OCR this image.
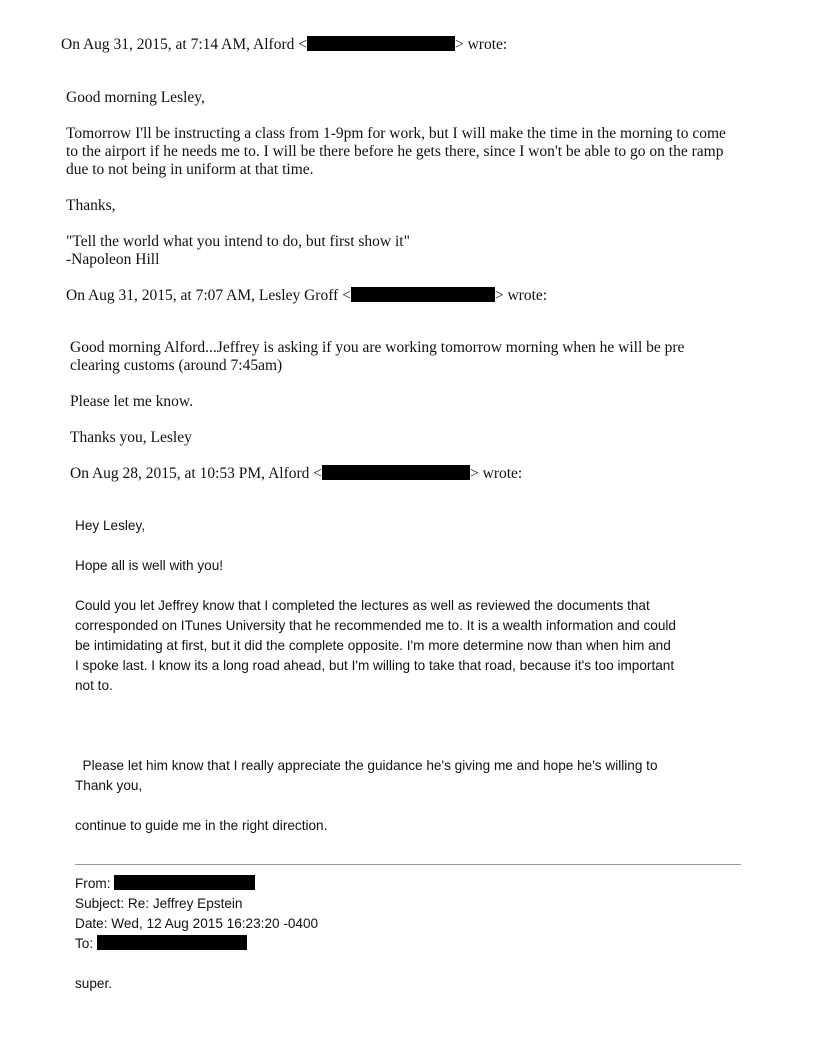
On Aug 31, 2015, at 7:14 AM, Alford <	> wrote:
Good morning Lesley,

Tomorrow I'll be instructing a class from 1-9pm for work, but I will make the time in the morning to come

to the airport if he needs me to. I will be there before he gets there, since I won't be able to go on the ramp

due to not being in uniform at that time.

Thanks,
"Tell the world what you intend to do, but first show it"
-Napoleon Hill
On Aug 31, 2015, at 7:07 AM, Lesley Groff <	> wrote:

Good morning Alford...Jeffrey is asking if you are working tomorrow morning when he will be pre

clearing customs (around 7:45am)

Please let me know.
Thanks you, Lesley
On Aug 28, 2015, at 10:53 PM, Alford <	> wrote:
Hey Lesley,
Hope all is well with you!

Could you let Jeffrey know that I completed the lectures as well as reviewed the documents that

corresponded on ITunes University that he recommended me to. It is a wealth information and could

be intimidating at first, but it did the complete opposite. I'm more determine now than when him and

I spoke last. I know its a long road ahead, but I'm willing to take that road, because it's too important

not to.

Please let him know that I really appreciate the guidance he's giving me and hope he's willing to

continue to guide me in the right direction.

Thank you,
From:
Subject: Re: Jeffrey Epstein
Date: Wed, 12 Aug 2015 16:23:20 -0400
To:
super.
